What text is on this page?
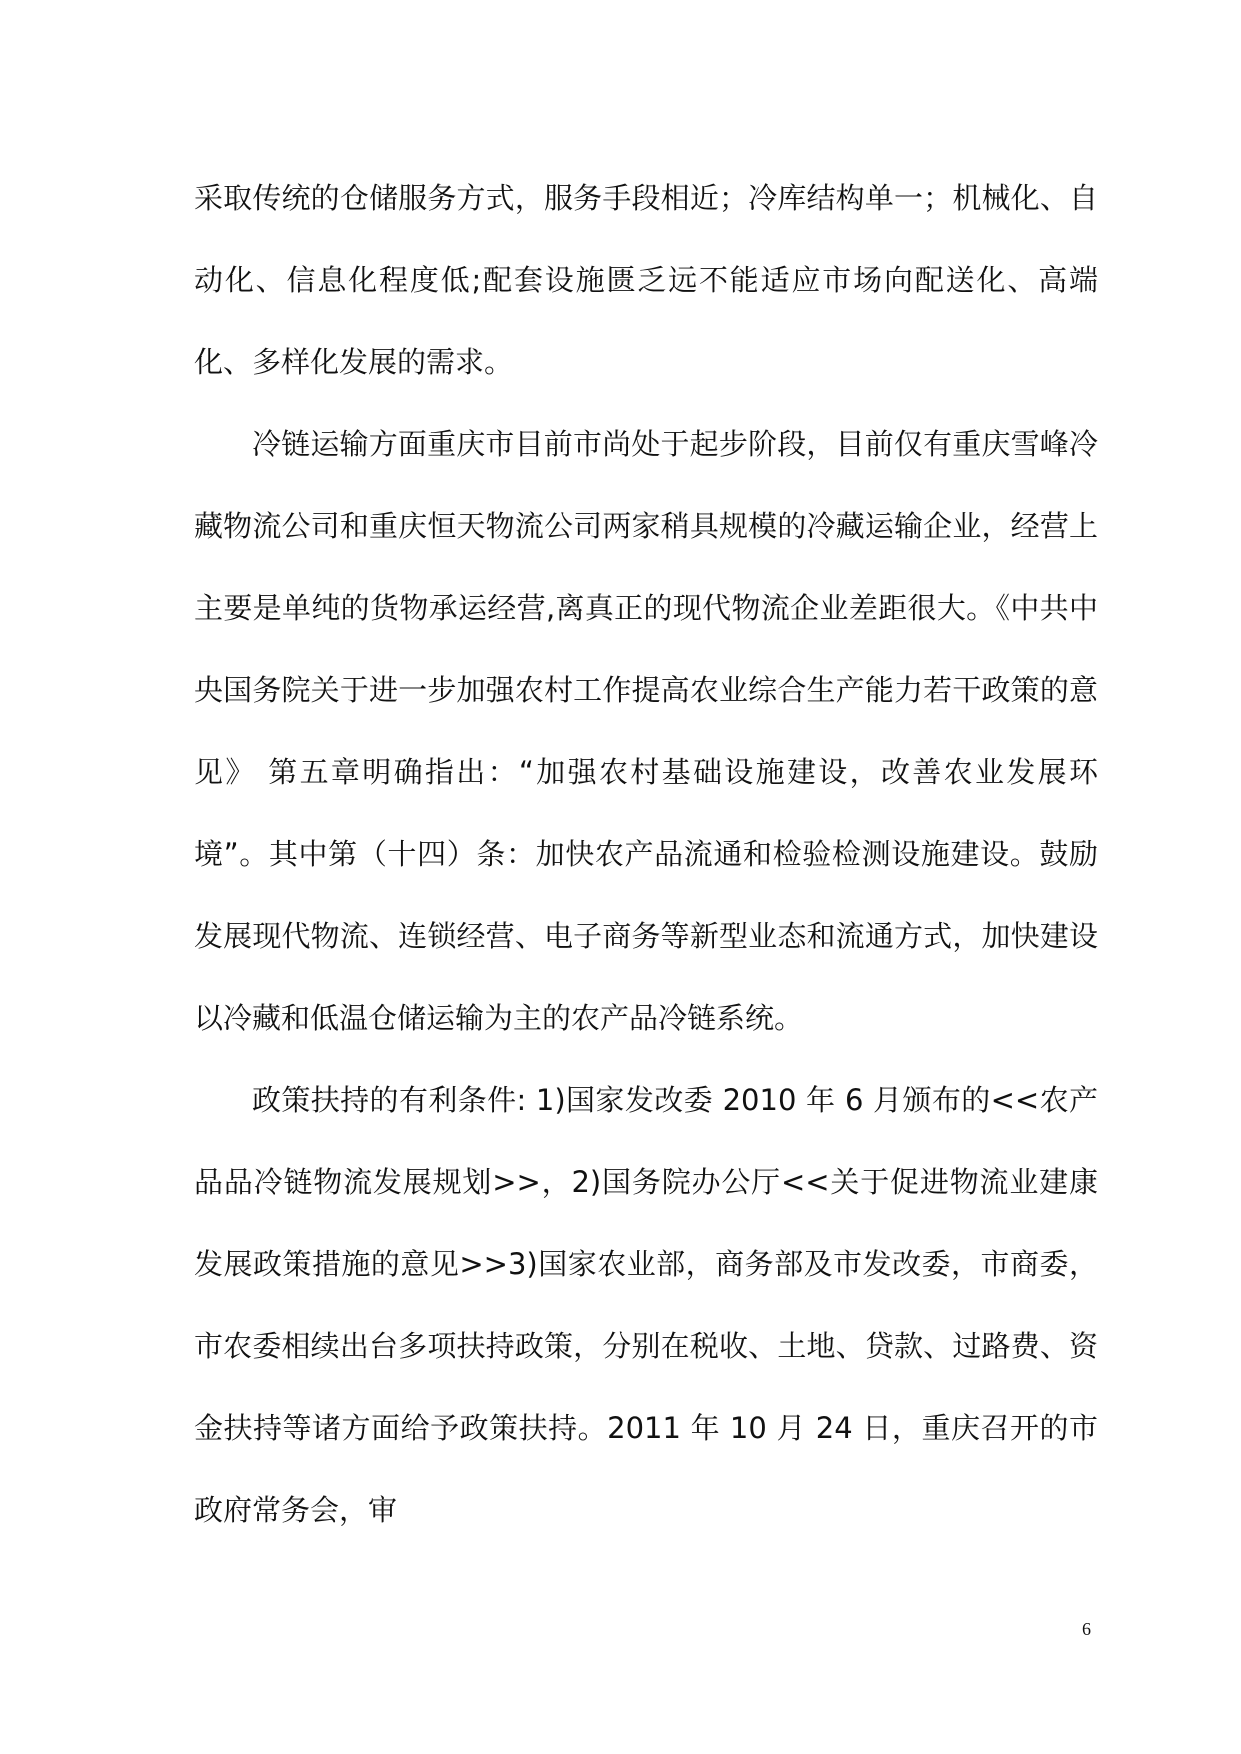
采取传统的仓储服务方式，服务手段相近；冷库结构单一；机械化、自动化、信息化程度低;配套设施匮乏远不能适应市场向配送化、高端化、多样化发展的需求。

冷链运输方面重庆市目前市尚处于起步阶段，目前仅有重庆雪峰冷藏物流公司和重庆恒天物流公司两家稍具规模的冷藏运输企业，经营上主要是单纯的货物承运经营,离真正的现代物流企业差距很大。《中共中央国务院关于进一步加强农村工作提高农业综合生产能力若干政策的意见》 第五章明确指出：“加强农村基础设施建设，改善农业发展环境”。其中第（十四）条：加快农产品流通和检验检测设施建设。鼓励发展现代物流、连锁经营、电子商务等新型业态和流通方式，加快建设以冷藏和低温仓储运输为主的农产品冷链系统。

政策扶持的有利条件: 1)国家发改委 2010 年 6 月颁布的<<农产品品冷链物流发展规划>>，2)国务院办公厅<<关于促进物流业建康发展政策措施的意见>>3)国家农业部，商务部及市发改委，市商委，市农委相续出台多项扶持政策，分别在税收、土地、贷款、过路费、资金扶持等诸方面给予政策扶持。2011 年 10 月 24 日，重庆召开的市政府常务会，审

6
